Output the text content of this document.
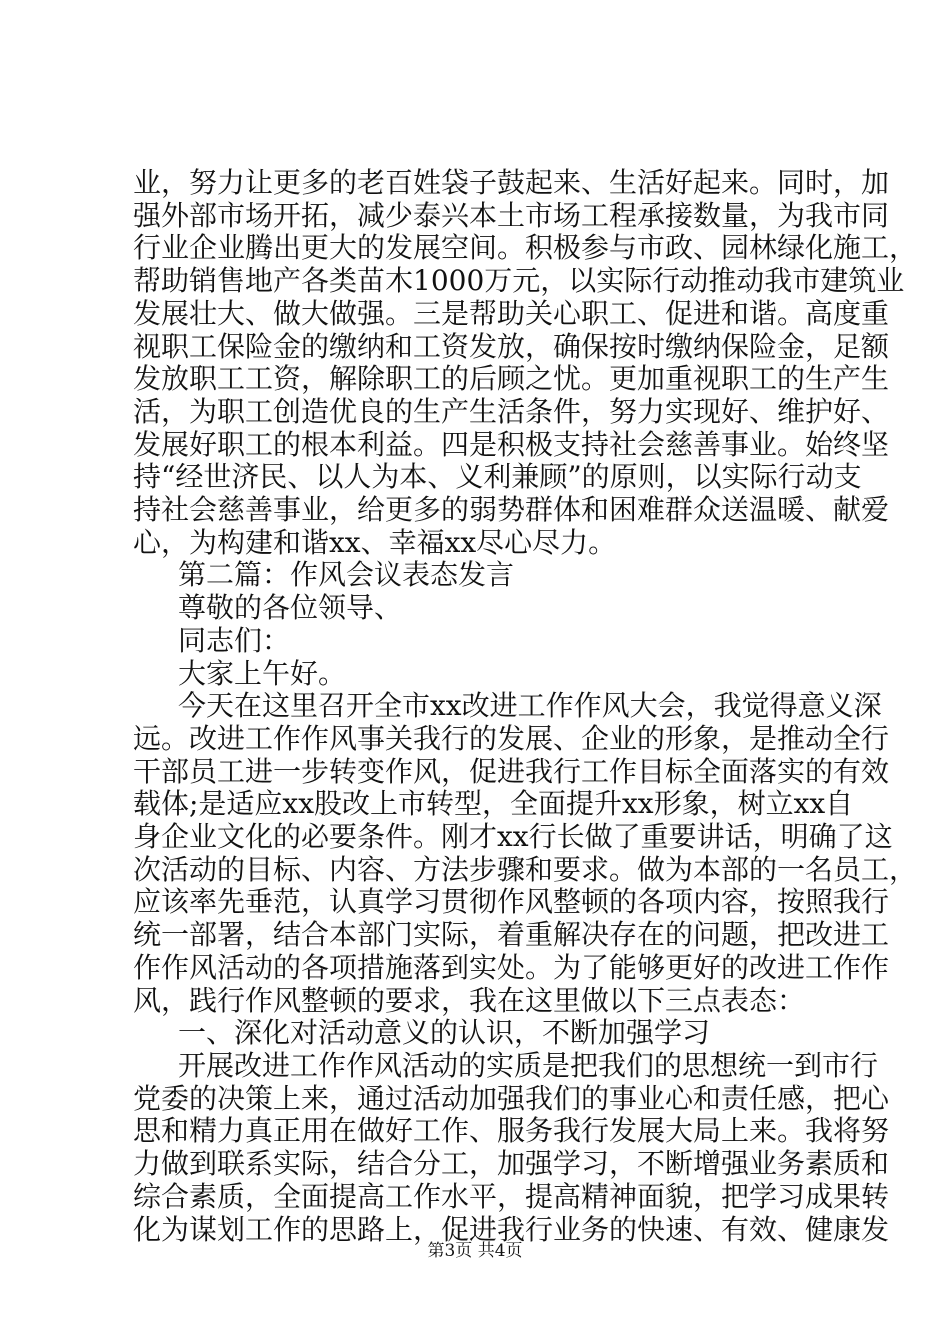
业，努力让更多的老百姓袋子鼓起来、生活好起来。同时，加
强外部市场开拓，减少泰兴本土市场工程承接数量，为我市同
行业企业腾出更大的发展空间。积极参与市政、园林绿化施工，
帮助销售地产各类苗木1000万元，以实际行动推动我市建筑业
发展壮大、做大做强。三是帮助关心职工、促进和谐。高度重
视职工保险金的缴纳和工资发放，确保按时缴纳保险金，足额
发放职工工资，解除职工的后顾之忧。更加重视职工的生产生
活，为职工创造优良的生产生活条件，努力实现好、维护好、
发展好职工的根本利益。四是积极支持社会慈善事业。始终坚
持“经世济民、以人为本、义利兼顾”的原则，以实际行动支
持社会慈善事业，给更多的弱势群体和困难群众送温暖、献爱
心，为构建和谐xx、幸福xx尽心尽力。
第二篇：作风会议表态发言
尊敬的各位领导、
同志们：
大家上午好。
今天在这里召开全市xx改进工作作风大会，我觉得意义深
远。改进工作作风事关我行的发展、企业的形象，是推动全行
干部员工进一步转变作风，促进我行工作目标全面落实的有效
载体;是适应xx股改上市转型，全面提升xx形象，树立xx自
身企业文化的必要条件。刚才xx行长做了重要讲话，明确了这
次活动的目标、内容、方法步骤和要求。做为本部的一名员工，
应该率先垂范，认真学习贯彻作风整顿的各项内容，按照我行
统一部署，结合本部门实际，着重解决存在的问题，把改进工
作作风活动的各项措施落到实处。为了能够更好的改进工作作
风，践行作风整顿的要求，我在这里做以下三点表态：
一、深化对活动意义的认识，不断加强学习
开展改进工作作风活动的实质是把我们的思想统一到市行
党委的决策上来，通过活动加强我们的事业心和责任感，把心
思和精力真正用在做好工作、服务我行发展大局上来。我将努
力做到联系实际，结合分工，加强学习，不断增强业务素质和
综合素质，全面提高工作水平，提高精神面貌，把学习成果转
化为谋划工作的思路上，促进我行业务的快速、有效、健康发
第3页 共4页
